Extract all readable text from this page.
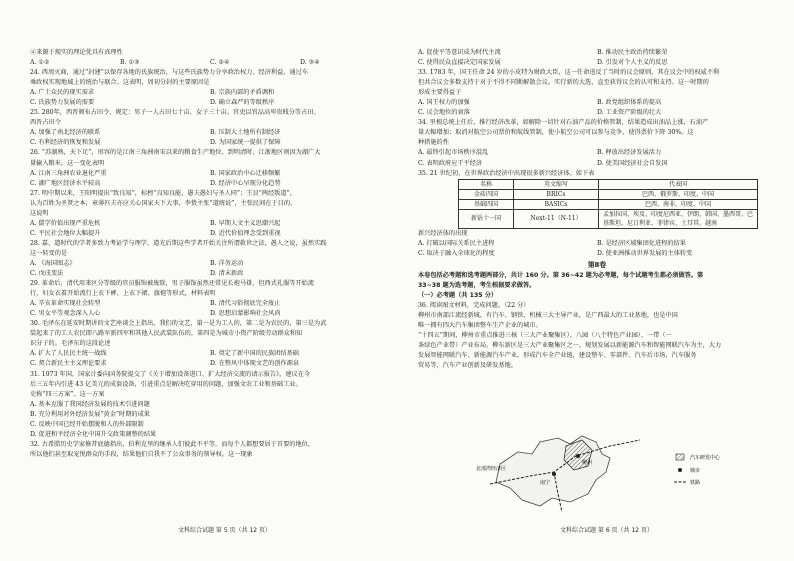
④来源于现实的理论优具有真理性
A. ①②	B. ①③	C. ②④	D. ③④
24. 西周灭商，通过“封建”以保存各地的氏族统治，与这些氏族势力分享政治权力、经济利益，通过车
乘政权实现地域上的统治与联合。这表明，周初分封的主要原因是
A. 广土众民的现实需求	B. 宗族内部的矛盾调和
C. 氏族势力发展的需要	D. 确立森严的等级秩序
25. 280年，西晋颁布占田令，规定：男子一人占田七十亩，女子三十亩。官吏以官品高卑贵贱分等占田。
西晋占田令
A. 加强了南北经济的联系	B. 压制大土地所有制经济
C. 有利经济的恢复和发展	D. 为国家统一提供了保障
26. “苏湖熟，天下足”，形容的是江南三角洲南宋以来的粮食生产地位。到明清时，江浙地区则因为湖广大
量输入粮米。这一变化表明
A. 江南三角洲农业退化严重	B. 国家政治中心迁移频繁
C. 湖广地区经济水平较高	D. 经济中心呈现分化趋势
27. 明中期以来，王阳明提出“致良知”，标榜“良知良能，愚夫愚妇与圣人同”；王艮“两经叛道”，
认为百姓为圣贤之本，章薄匹夫亦应关心国家天下大事，李贽主张“道统说”，主张民间在于目的。
这说明
A. 儒学价值出现严重危机	B. 早期人文主义思潮兴起
C. 平民社会地位大幅提升	D. 近代价值理念受到重视
28. 嘉、道时代的学者多致力考证学与理学，道光后期这些学者开始关注所谓救世之法，愚人之说，虽然实践
这一转变的是
A. 《海国图志》	B. 洋务运动
C. 戊戌变法	D. 清末新政
29. 革命后，清代用来区分等级的官员服饰被废除，男子服饰虽然还常见长袍马褂，但西式礼服等开始流
行，妇女衣着开始流行上衣下裤、上衣下裙、旗袍等形式，材料表明
A. 辛亥革命实现社会转型	B. 清代习俗彻底完全废止
C. 男女平等观念深入人心	D. 思想启蒙影响社会风尚
30. 毛泽东在延安时期讲的文艺座谈会上指出，我们的文艺，第一是为工人的，第二是为农民的，第三是为武
装起来了的工人农民即八路军新四军和其他人民武装队伍的，第四是为城市小资产阶级劳动群众和知
识分子的。毛泽东的这段论述
A. 扩大了人民民主统一战线	B. 奠定了新中国的民族团结基础
C. 契合新民主主义理论要求	D. 在整风中体现文艺的创作源泉
31. 1973 年国，国家计委向国务院提交了《关于增加设备进口、扩大经济交流的请示报告》，建议在今
后三五年内引进 43 亿美元的成套设备，引进重点是解决吃穿用的问题，加强文农工业和基础工业。
史称“四三方案”。这一方案
A. 基本克服了我国经济发展的技术引进问题
B. 充分利用对外经济发展“黄金”时期的成果
C. 反映中国已经开始摆脱和人的外部限制
D. 促进和平经济全化中国升交政策调整的结果
32. 古希腊历史学家修昔底德指出，伯利克里的继承人们彼此不平等，而每个人都想要居于首要的地位，
所以他们甚至取宠悦群众的手段，结果他们自我不了公众事务的领导权。这一现象
A. 促使平等意识成为时代主流	B. 推动民主政治持续繁荣
C. 使得民众直接决定国家发展	D. 引发对个人主义的反思
33. 1783 年，国王任命 24 岁的小皮特为财政大臣，这一任命违反了当时的议会原则，其在议会中的权威不利
但共合议会多数支持于对于不得不同断解散会议。实行新的大选，直至获得议会的认可和支持。这一时期的
形成主要得益于
A. 国王权力的加强	B. 政党组织体系的提高
C. 议会地位的衰落	D. 工业资产阶级的壮大
34. 里根总统上任后，推行经济改革，如解除一切针对石油产品的价格管制，结果造成出油品上涨，石油产
量大幅增加；取消对航空公司票价和航线管制，使小航空公司可以参与竞争，使得票价下降 30%。这
种措施的性
A. 最终引起市场秩序混乱	B. 释放出经济发展活力
C. 表明政府应干平经济	D. 使美国经济社会自发国
35. 21 世纪初，在世界政治经济中出现很多新兴经济体。如下表
名称	英文缩写	代表国
金砖四国	BRICs	巴西、俄罗斯、印度、中国
基础四国	BASICs	巴西、南非、印度、中国
新钻十一国	Next-11（N-11）	孟加拉国、埃及、印度尼西亚、伊朗、韩国、墨西哥、巴基斯坦、尼日利亚、菲律宾、土耳其、越南
新兴经济体的出现
A. 打破以国际关系民主进程	B. 是经济区域集团化进程的结果
C. 取决于融入全球化的程度	D. 使亚洲推动世界发展的主体转变
第Ⅱ卷
本卷包括必考题和选考题两部分，共计 160 分。第 36~42 题为必考题，每个试题考生都必须做答。第
33~38 题为选考题，考生根据要求做答。
（一）必考题（共 135 分）
36. 阅读图文材料，完成问题。（22 分）
柳州市南部江流经新城，有汽车、钢铁、机械三大主导产业，是广西最大的工业基地，也是中国
唯一拥有四大汽车集团整车生产企业的城市。
“十四五”期间，柳州市重点推进三核（三大产业聚集区）、八园（八个特色产业园）、一带（一
条绿色产业带）产业布局。柳东新区是三大产业聚集区之一，规划发展以新能源汽车和智能网联汽车为主，大力
发展智能网联汽车、新能源汽车产业，形成汽车全产业链，建设整车、零部件、汽车后市场，汽车服务
贸易等，汽车产业创新及研发基地。
南宁
北部湾经济区
柳州
汽车研发中心
城市
铁路
文科综合试题 第 5 页（共 12 页）	文科综合试题 第 6 页（共 12 页）
